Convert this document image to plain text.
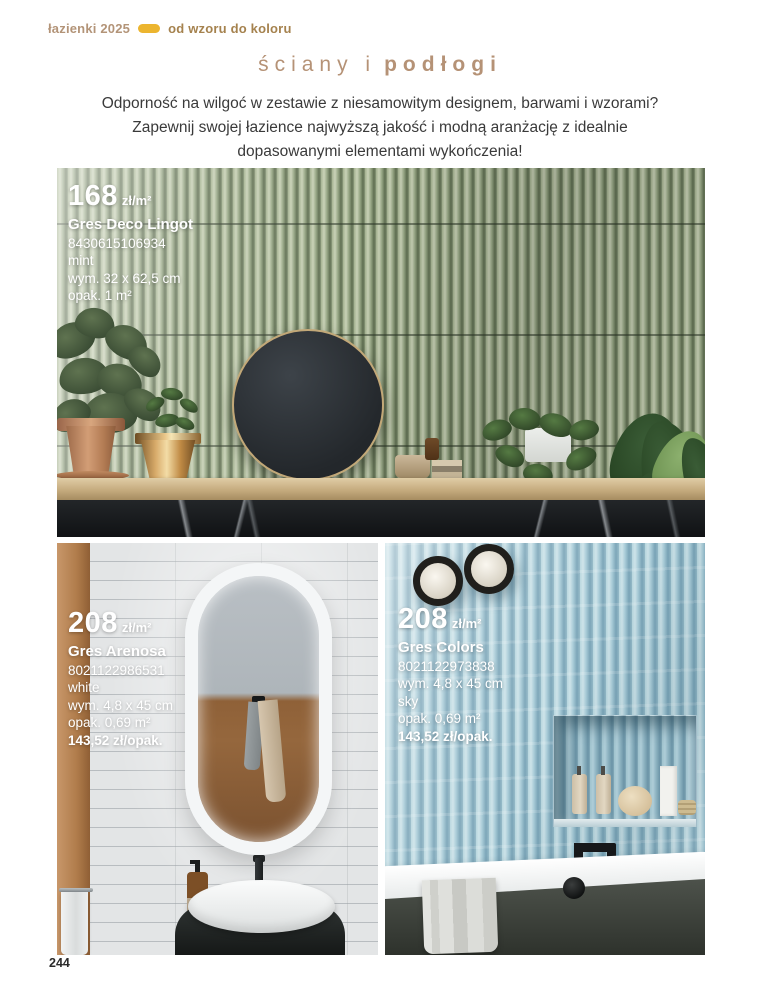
łazienki 2025	od wzoru do koloru
ściany i podłogi
Odporność na wilgoć w zestawie z niesamowitym designem, barwami i wzorami?
Zapewnij swojej łazience najwyższą jakość i modną aranżację z idealnie
dopasowanymi elementami wykończenia!
168 zł/m²
Gres Deco Lingot
8430615106934
mint
wym. 32 x 62,5 cm
opak. 1 m²
208 zł/m²
Gres Arenosa
8021122986531
white
wym. 4,8 x 45 cm
opak. 0,69 m²
143,52 zł/opak.
208 zł/m²
Gres Colors
8021122973838
wym. 4,8 x 45 cm
sky
opak. 0,69 m²
143,52 zł/opak.
244
